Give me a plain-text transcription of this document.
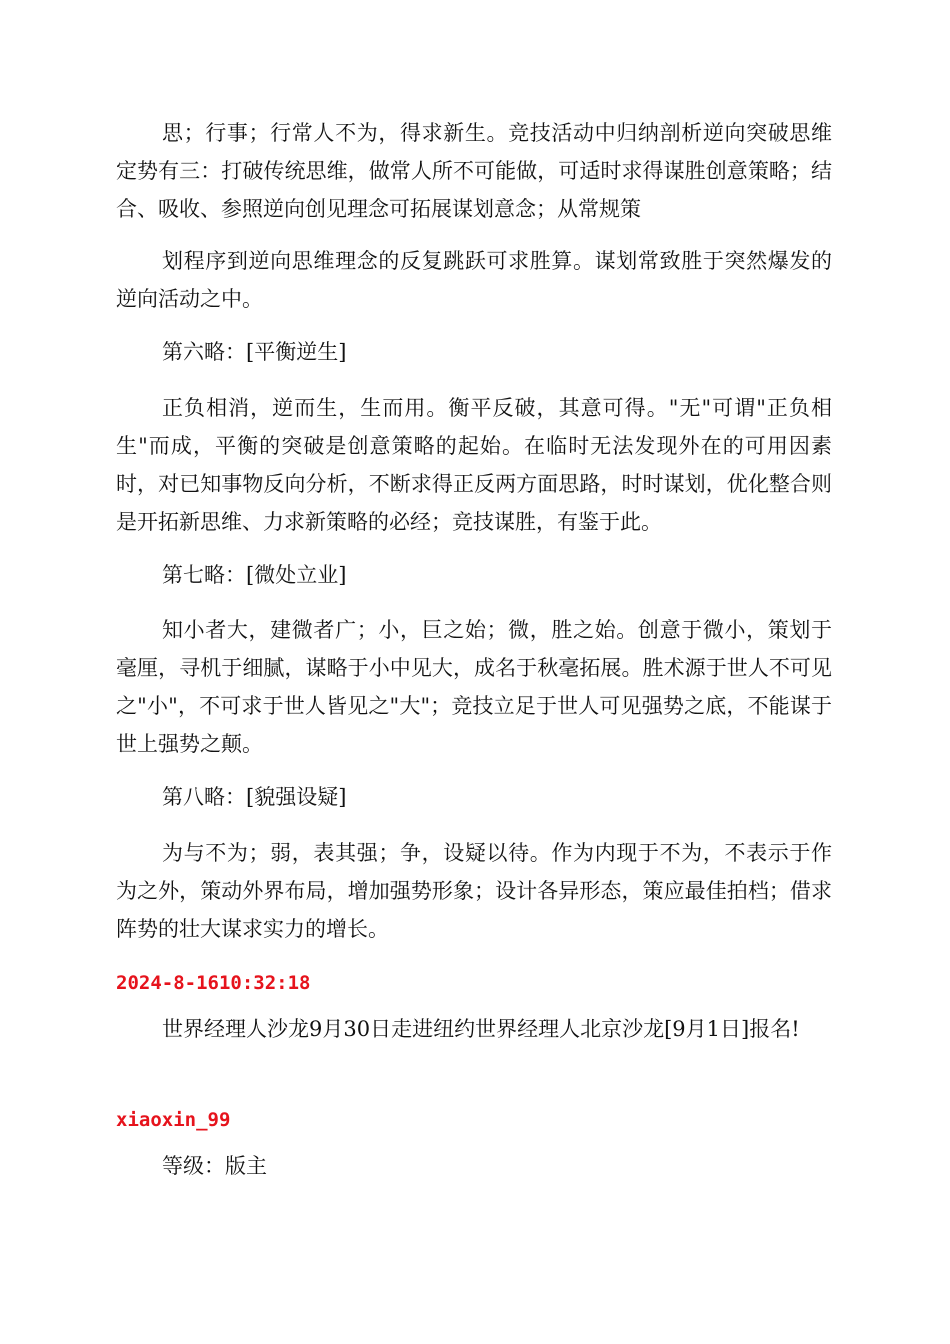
思；行事；行常人不为，得求新生。竞技活动中归纳剖析逆向突破思维定势有三：打破传统思维，做常人所不可能做，可适时求得谋胜创意策略；结合、吸收、参照逆向创见理念可拓展谋划意念；从常规策

划程序到逆向思维理念的反复跳跃可求胜算。谋划常致胜于突然爆发的逆向活动之中。

第六略：[平衡逆生]

正负相消，逆而生，生而用。衡平反破，其意可得。"无"可谓"正负相生"而成，平衡的突破是创意策略的起始。在临时无法发现外在的可用因素时，对已知事物反向分析，不断求得正反两方面思路，时时谋划，优化整合则是开拓新思维、力求新策略的必经；竞技谋胜，有鉴于此。

第七略：[微处立业]

知小者大，建微者广；小，巨之始；微，胜之始。创意于微小，策划于毫厘，寻机于细腻，谋略于小中见大，成名于秋毫拓展。胜术源于世人不可见之"小"，不可求于世人皆见之"大"；竞技立足于世人可见强势之底，不能谋于世上强势之颠。

第八略：[貌强设疑]

为与不为；弱，表其强；争，设疑以待。作为内现于不为，不表示于作为之外，策动外界布局，增加强势形象；设计各异形态，策应最佳拍档；借求阵势的壮大谋求实力的增长。

2024-8-1610:32:18

世界经理人沙龙9月30日走进纽约世界经理人北京沙龙[9月1日]报名!

xiaoxin_99

等级：版主
